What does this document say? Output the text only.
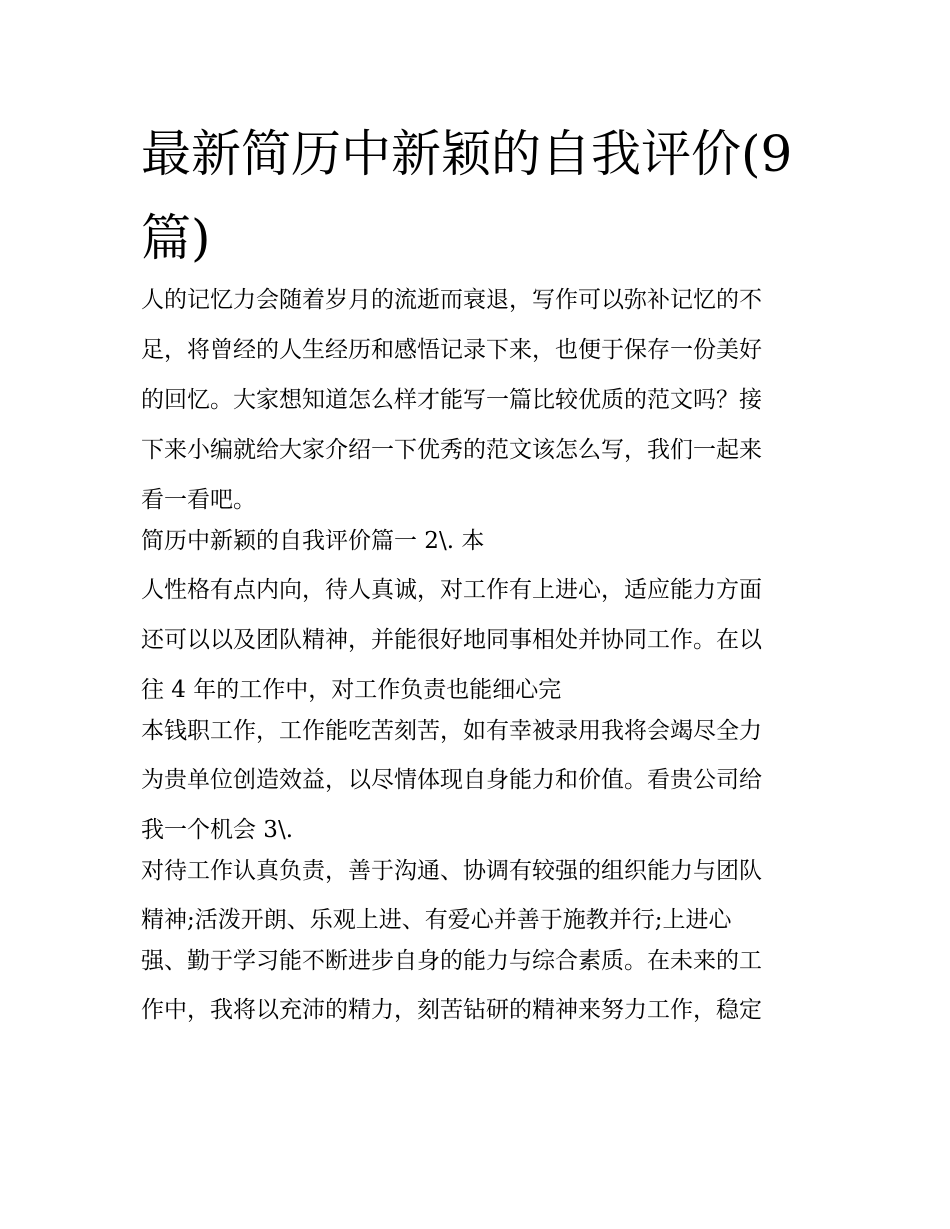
最新简历中新颖的自我评价(9
篇)
人的记忆力会随着岁月的流逝而衰退，写作可以弥补记忆的不
足，将曾经的人生经历和感悟记录下来，也便于保存一份美好
的回忆。大家想知道怎么样才能写一篇比较优质的范文吗？接
下来小编就给大家介绍一下优秀的范文该怎么写，我们一起来
看一看吧。
简历中新颖的自我评价篇一 2\. 本
人性格有点内向，待人真诚，对工作有上进心，适应能力方面
还可以以及团队精神，并能很好地同事相处并协同工作。在以
往 4 年的工作中，对工作负责也能细心完
本钱职工作，工作能吃苦刻苦，如有幸被录用我将会竭尽全力
为贵单位创造效益，以尽情体现自身能力和价值。看贵公司给
我一个机会 3\.
对待工作认真负责，善于沟通、协调有较强的组织能力与团队
精神;活泼开朗、乐观上进、有爱心并善于施教并行;上进心
强、勤于学习能不断进步自身的能力与综合素质。在未来的工
作中，我将以充沛的精力，刻苦钻研的精神来努力工作，稳定
